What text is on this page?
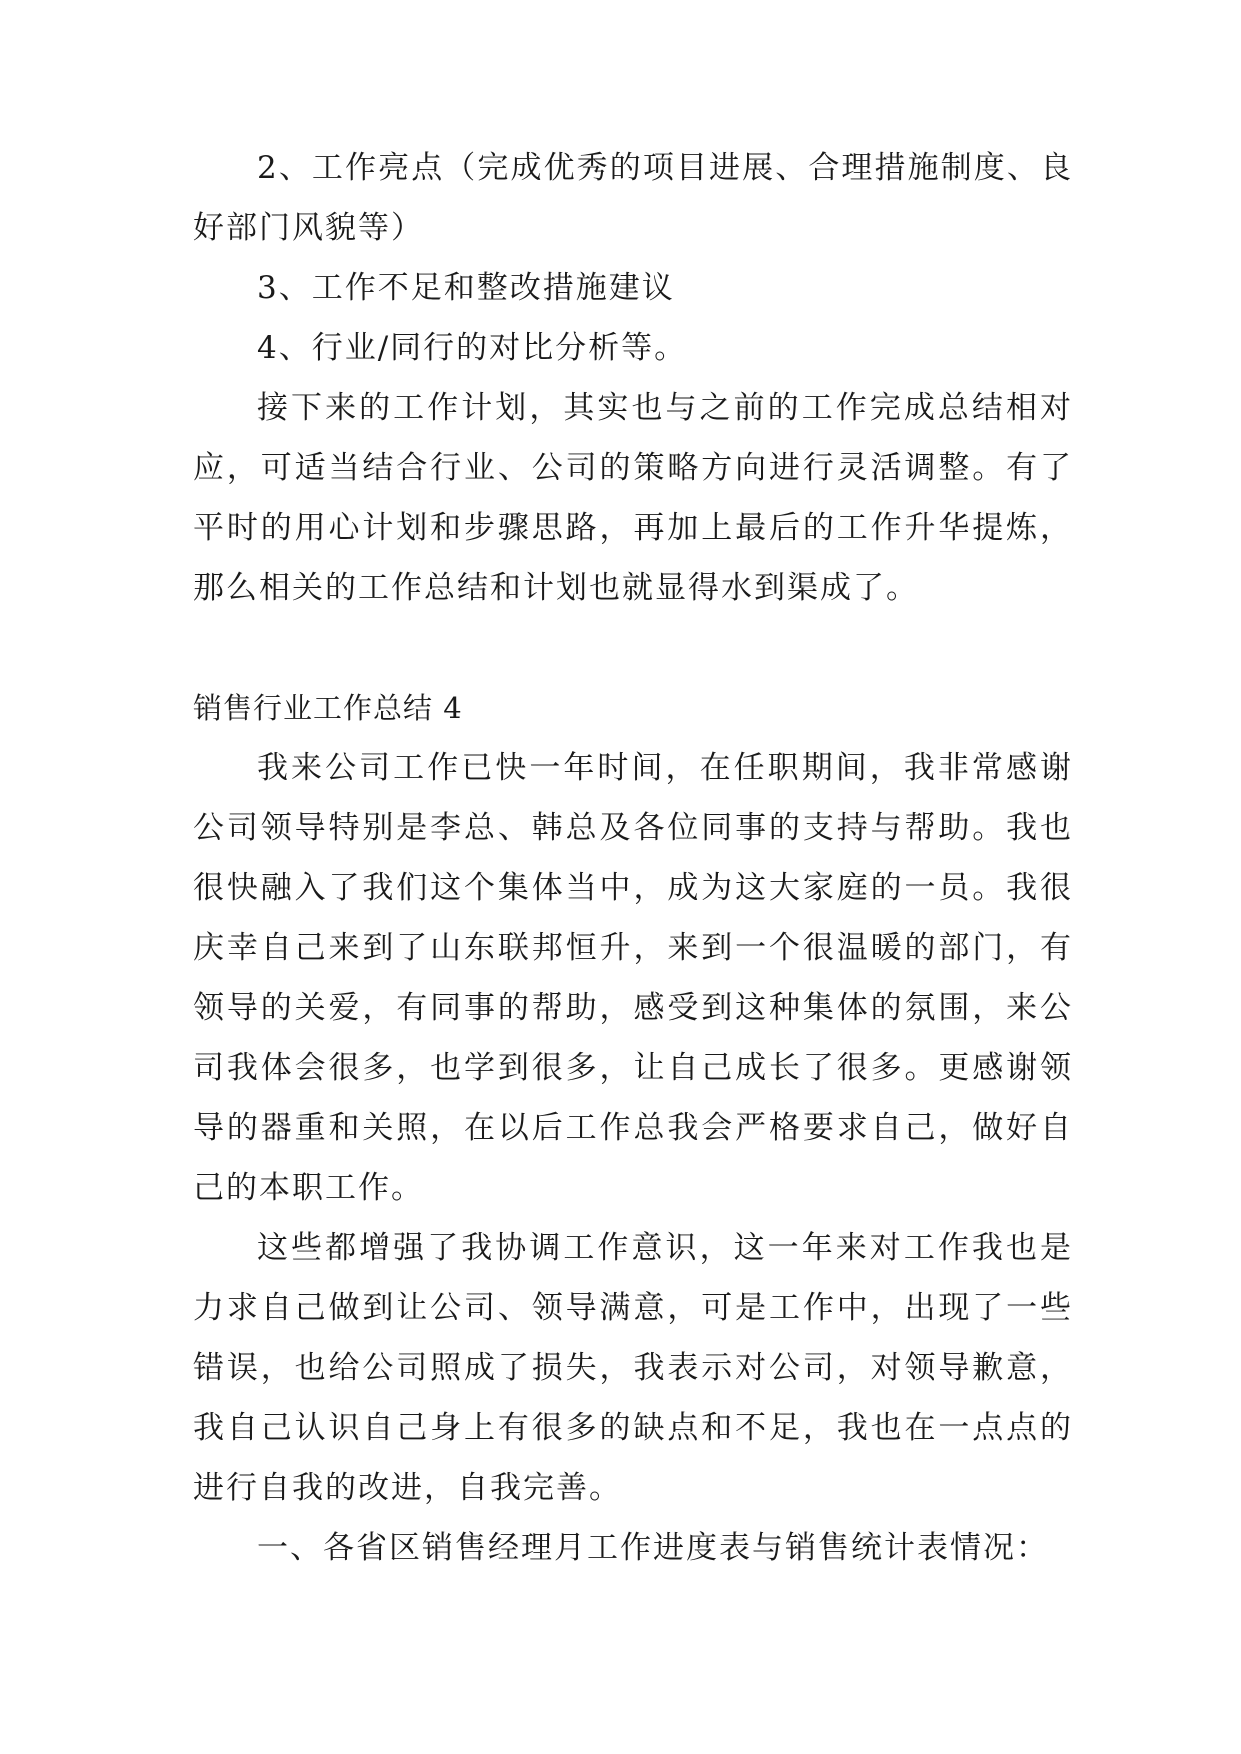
2、工作亮点（完成优秀的项目进展、合理措施制度、良好部门风貌等）

3、工作不足和整改措施建议

4、行业/同行的对比分析等。

接下来的工作计划，其实也与之前的工作完成总结相对应，可适当结合行业、公司的策略方向进行灵活调整。有了平时的用心计划和步骤思路，再加上最后的工作升华提炼，那么相关的工作总结和计划也就显得水到渠成了。

销售行业工作总结 4

我来公司工作已快一年时间，在任职期间，我非常感谢公司领导特别是李总、韩总及各位同事的支持与帮助。我也很快融入了我们这个集体当中，成为这大家庭的一员。我很庆幸自己来到了山东联邦恒升，来到一个很温暖的部门，有领导的关爱，有同事的帮助，感受到这种集体的氛围，来公司我体会很多，也学到很多，让自己成长了很多。更感谢领导的器重和关照，在以后工作总我会严格要求自己，做好自己的本职工作。

这些都增强了我协调工作意识，这一年来对工作我也是力求自己做到让公司、领导满意，可是工作中，出现了一些错误，也给公司照成了损失，我表示对公司，对领导歉意，我自己认识自己身上有很多的缺点和不足，我也在一点点的进行自我的改进，自我完善。

一、各省区销售经理月工作进度表与销售统计表情况：
